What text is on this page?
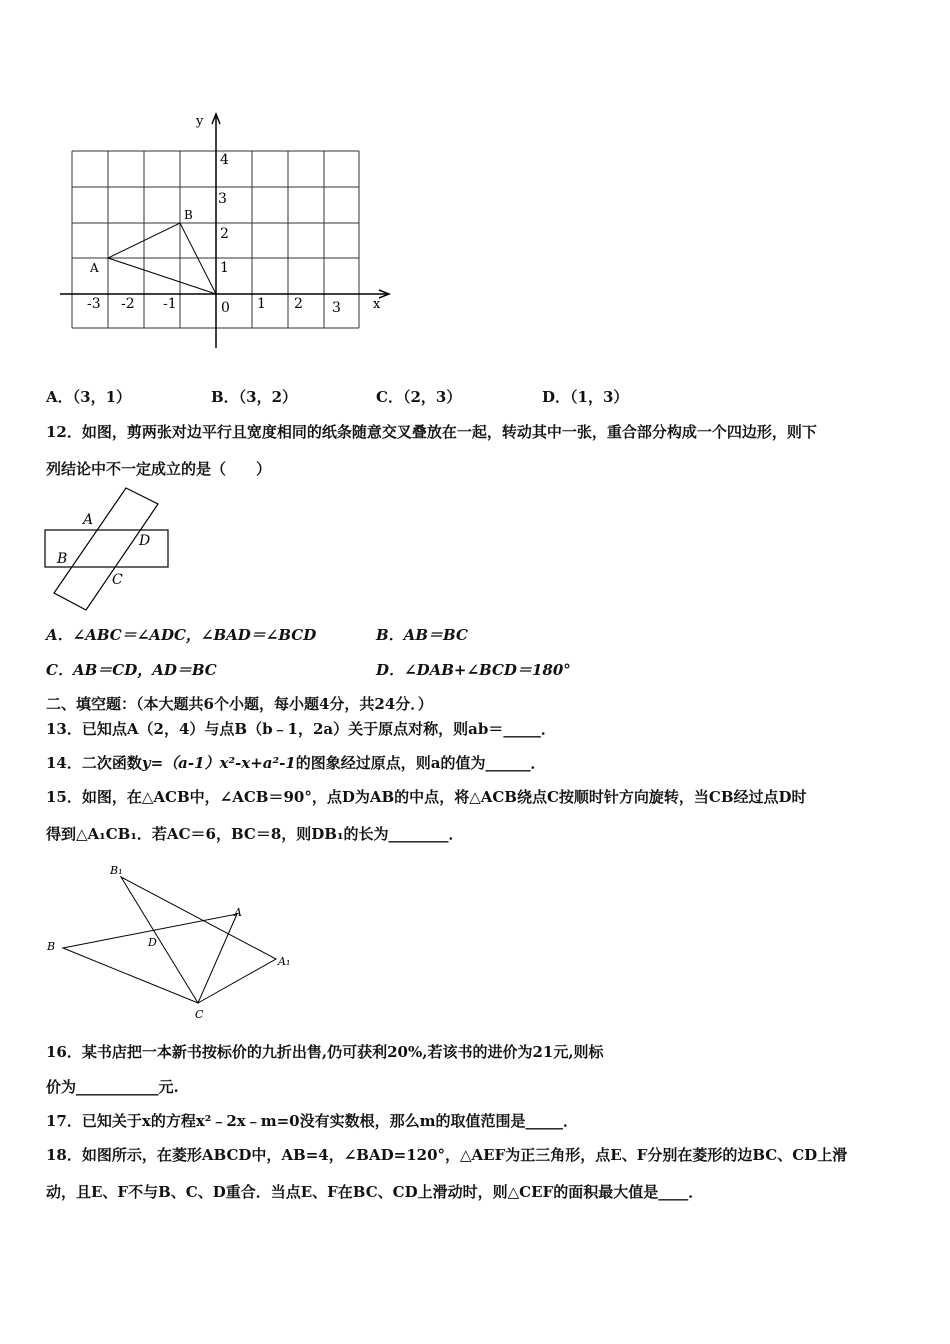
x
y
-3 -2 -1	0 1 2 3
1
2
3
4
A
B
A．（3，1）	B．（3，2）	C．（2，3）	D．（1，3）
12．如图，剪两张对边平行且宽度相同的纸条随意交叉叠放在一起，转动其中一张，重合部分构成一个四边形，则下
列结论中不一定成立的是（　　）
A
B
D
C
A．∠ABC＝∠ADC，∠BAD＝∠BCD	B．AB＝BC
C．AB＝CD，AD＝BC	D．∠DAB+∠BCD＝180°
二、填空题：（本大题共6个小题，每小题4分，共24分．）
13．已知点A（2，4）与点B（b﹣1，2a）关于原点对称，则ab＝_____．
14．二次函数y=（a-1）x²-x+a²-1的图象经过原点，则a的值为______．
15．如图，在△ACB中，∠ACB＝90°，点D为AB的中点，将△ACB绕点C按顺时针方向旋转，当CB经过点D时
得到△A₁CB₁．若AC＝6，BC＝8，则DB₁的长为________．
B₁
A
B	D
A₁
C
16．某书店把一本新书按标价的九折出售,仍可获利20%,若该书的进价为21元,则标
价为___________元.
17．已知关于x的方程x²﹣2x﹣m=0没有实数根，那么m的取值范围是_____．
18．如图所示，在菱形ABCD中，AB=4，∠BAD=120°，△AEF为正三角形，点E、F分别在菱形的边BC、CD上滑
动，且E、F不与B、C、D重合．当点E、F在BC、CD上滑动时，则△CEF的面积最大值是____．
